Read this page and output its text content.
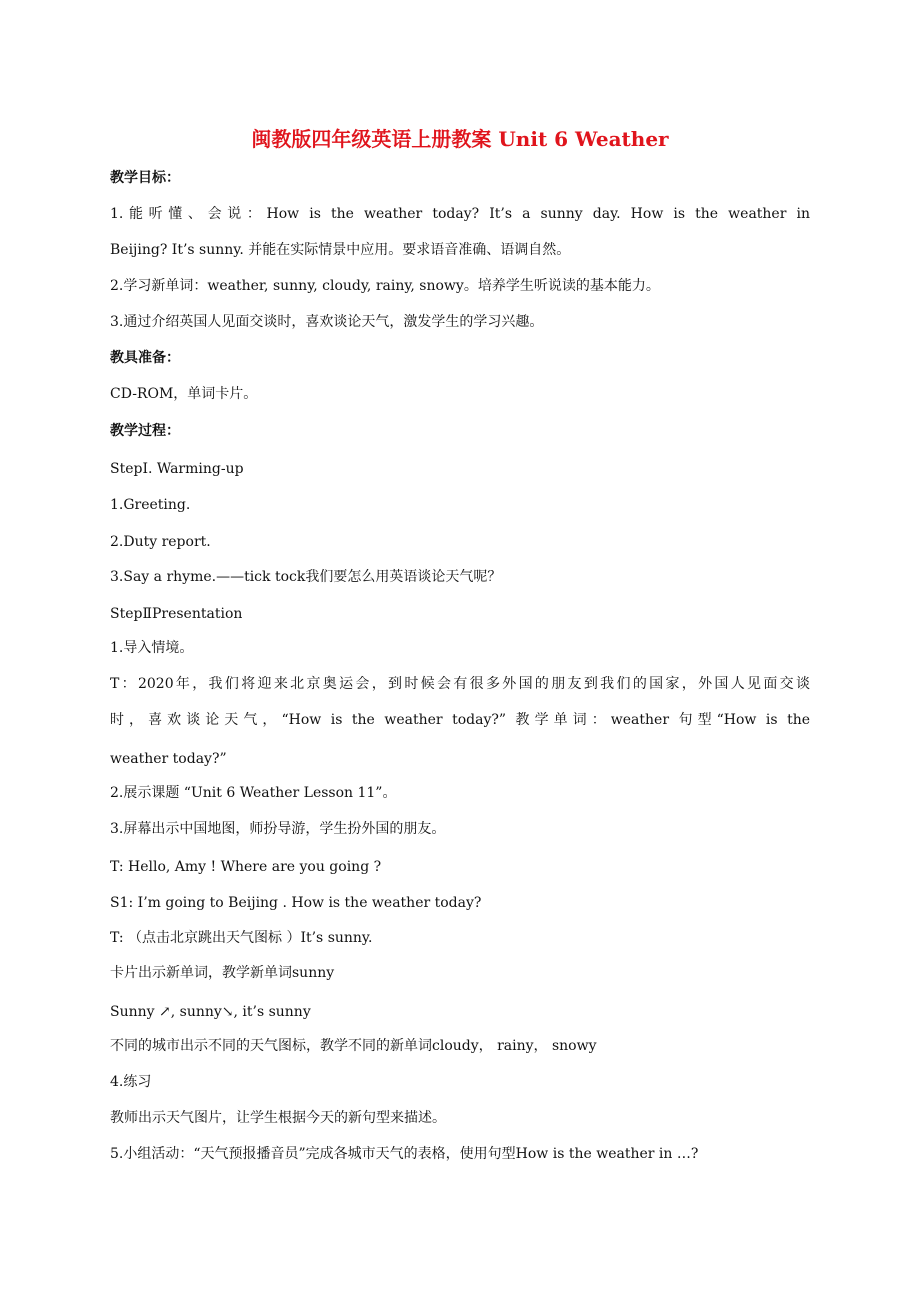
闽教版四年级英语上册教案 Unit 6 Weather
教学目标：
1.能听懂、会说：How is the weather today? It’s a sunny day. How is the weather in
Beijing? It’s sunny. 并能在实际情景中应用。要求语音准确、语调自然。
2.学习新单词：weather, sunny, cloudy, rainy, snowy。培养学生听说读的基本能力。
3.通过介绍英国人见面交谈时，喜欢谈论天气，激发学生的学习兴趣。
教具准备：
CD-ROM，单词卡片。
教学过程：
StepⅠ. Warming-up
1.Greeting.
2.Duty report.
3.Say a rhyme.——tick tock我们要怎么用英语谈论天气呢？
StepⅡPresentation
1.导入情境。
T：2020年，我们将迎来北京奥运会，到时候会有很多外国的朋友到我们的国家，外国人见面交谈
时，喜欢谈论天气，“How is the weather today?” 教学单词：weather 句型“How is the
weather today?”
2.展示课题 “Unit 6 Weather Lesson 11”。
3.屏幕出示中国地图，师扮导游，学生扮外国的朋友。
T: Hello, Amy ! Where are you going ?
S1: I’m going to Beijing . How is the weather today?
T: （点击北京跳出天气图标 ）It’s sunny.
卡片出示新单词，教学新单词sunny
Sunny ↗, sunny↘, it’s sunny
不同的城市出示不同的天气图标，教学不同的新单词cloudy， rainy， snowy
4.练习
教师出示天气图片，让学生根据今天的新句型来描述。
5.小组活动：“天气预报播音员”完成各城市天气的表格，使用句型How is the weather in …?
